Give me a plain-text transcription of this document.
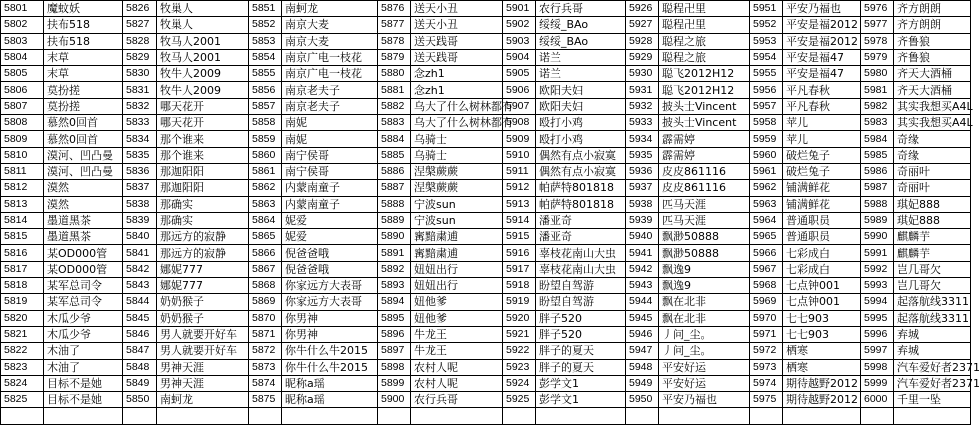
5801	魔蚊妖	5826	牧巢人	5851	南蚵龙	5876	送天小丑	5901	农行兵哥	5926	聪程卍里	5951	平安乃福也	5976	齐方朗朗
5802	扶布518	5827	牧巢人	5852	南京大麦	5877	送天小丑	5902	绥绥_BAo	5927	聪程卍里	5952	平安是福2012	5977	齐方朗朗
5803	扶布518	5828	牧马人2001	5853	南京大麦	5878	送天践哥	5903	绥绥_BAo	5928	聪程之旅	5953	平安是福2012	5978	齐鲁狼
5804	末草	5829	牧马人2001	5854	南京广电一枝花	5879	送天践哥	5904	诺兰	5929	聪程之旅	5954	平安是福47	5979	齐鲁狼
5805	末草	5830	牧牛人2009	5855	南京广电一枝花	5880	念zh1	5905	诺兰	5930	聪飞2012H12	5955	平安是福47	5980	齐天大酒桶
5806	莫扮搓	5831	牧牛人2009	5856	南京老夫子	5881	念zh1	5906	欧阳夫妇	5931	聪飞2012H12	5956	平凡春秋	5981	齐天大酒桶
5807	莫扮搓	5832	哪天花开	5857	南京老夫子	5882	乌大了什么树林都有	5907	欧阳夫妇	5932	披头士Vincent	5957	平凡春秋	5982	其实我想买A4L
5808	慕然0回首	5833	哪天花开	5858	南妮	5883	乌大了什么树林都有	5908	殴打小鸡	5933	披头士Vincent	5958	苹儿	5983	其实我想买A4L
5809	慕然0回首	5834	那个谁来	5859	南妮	5884	乌骑士	5909	殴打小鸡	5934	霹需婷	5959	苹儿	5984	奇缘
5810	漠河、凹凸曼	5835	那个谁来	5860	南宁侯哥	5885	乌骑士	5910	偶然有点小寂寞	5935	霹需婷	5960	破烂兔子	5985	奇缘
5811	漠河、凹凸曼	5836	那迦阳阳	5861	南宁侯哥	5886	涅槃蕨蕨	5911	偶然有点小寂寞	5936	皮皮861116	5961	破烂兔子	5986	奇丽叶
5812	漠然	5837	那迦阳阳	5862	内蒙南童子	5887	涅槃蕨蕨	5912	帕萨特801818	5937	皮皮861116	5962	铺满鲜花	5987	奇丽叶
5813	漠然	5838	那确实	5863	内蒙南童子	5888	宁波sun	5913	帕萨特801818	5938	匹马天涯	5963	铺满鲜花	5988	琪妃888
5814	墨道黑茶	5839	那确实	5864	妮爱	5889	宁波sun	5914	潘亚奇	5939	匹马天涯	5964	普通职员	5989	琪妃888
5815	墨道黑茶	5840	那远方的寂静	5865	妮爱	5890	寗黯粛逋	5915	潘亚奇	5940	飘渺50888	5965	普通职员	5990	麒麟芋
5816	某OD000管	5841	那远方的寂静	5866	倪爸爸哦	5891	寗黯粛逋	5916	辜枝花南山大虫	5941	飘渺50888	5966	七彩成白	5991	麒麟芋
5817	某OD000管	5842	娜妮777	5867	倪爸爸哦	5892	妞妞出行	5917	辜枝花南山大虫	5942	飘逸9	5967	七彩成白	5992	岂几哥欠
5818	某军总司令	5843	娜妮777	5868	你家远方大表哥	5893	妞妞出行	5918	盼望自驾游	5943	飘逸9	5968	七点钟001	5993	岂几哥欠
5819	某军总司令	5844	奶奶猴子	5869	你家远方大表哥	5894	妞他爹	5919	盼望自驾游	5944	飘在北非	5969	七点钟001	5994	起落航线3311
5820	木瓜少爷	5845	奶奶猴子	5870	你男神	5895	妞他爹	5920	胖子520	5945	飘在北非	5970	七七903	5995	起落航线3311
5821	木瓜少爷	5846	男人就要开好车	5871	你男神	5896	牛龙王	5921	胖子520	5946	丿问_尘。	5971	七七903	5996	弃城
5822	木油了	5847	男人就要开好车	5872	你牛什么牛2015	5897	牛龙王	5922	胖子的夏天	5947	丿问_尘。	5972	栖寒	5997	弃城
5823	木油了	5848	男神天涯	5873	你牛什么牛2015	5898	农村人呢	5923	胖子的夏天	5948	平安好运	5973	栖寒	5998	汽车爱好者2371
5824	目标不是她	5849	男神天涯	5874	昵称a瑶	5899	农村人呢	5924	彭学文1	5949	平安好运	5974	期待越野2012	5999	汽车爱好者2371
5825	目标不是她	5850	南蚵龙	5875	昵称a瑶	5900	农行兵哥	5925	彭学文1	5950	平安乃福也	5975	期待越野2012	6000	千里一坠
